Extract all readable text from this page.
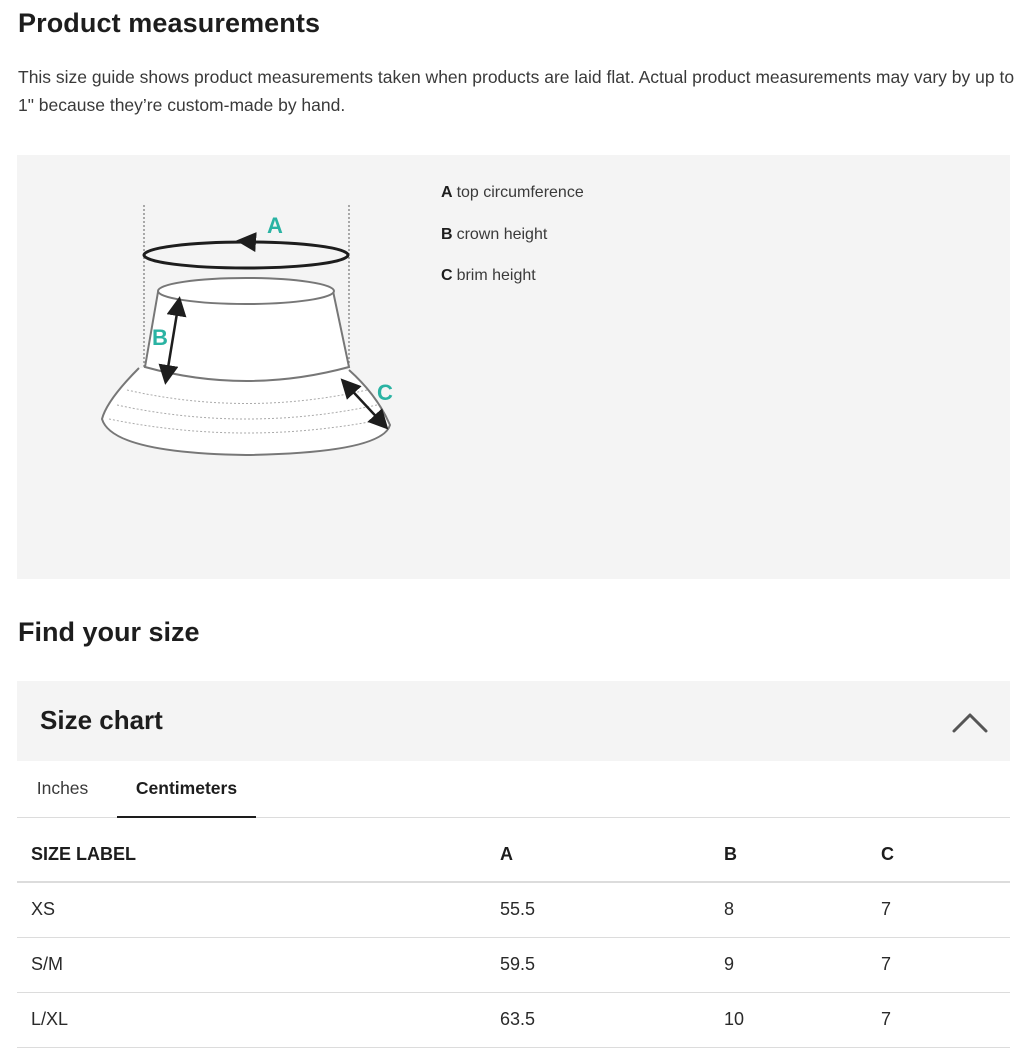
Product measurements
This size guide shows product measurements taken when products are laid flat. Actual product measurements may vary by up to 1" because they’re custom-made by hand.
A
B
C
A top circumference
B crown height
C brim height
Find your size
Size chart
Inches	Centimeters
SIZE LABEL	A	B	C
XS	55.5	8	7
S/M	59.5	9	7
L/XL	63.5	10	7
